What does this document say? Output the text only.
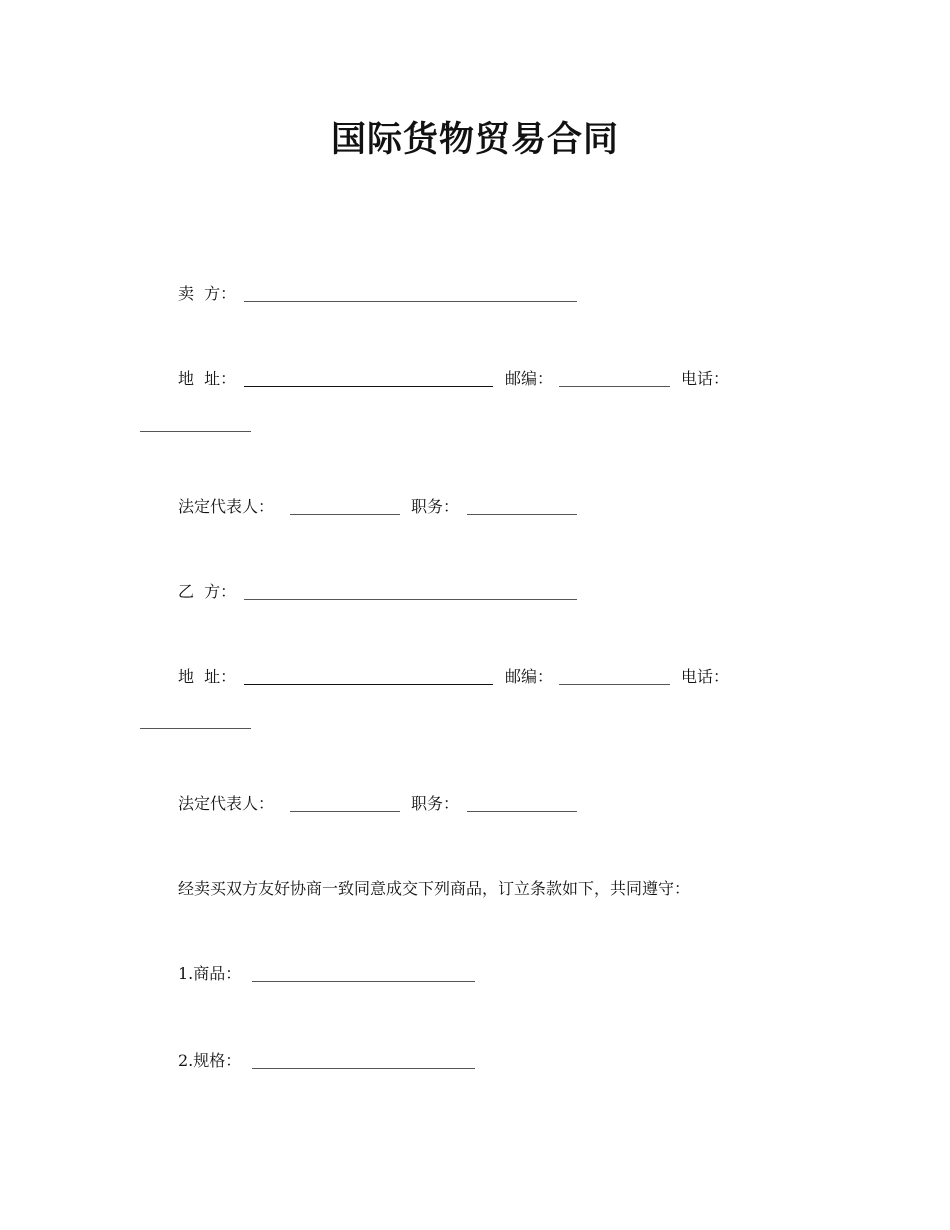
国际货物贸易合同
卖  方：
地  址：	邮编：	电话：
法定代表人：	职务：
乙  方：
地  址：	邮编：	电话：
法定代表人：	职务：
经卖买双方友好协商一致同意成交下列商品，订立条款如下，共同遵守：
1.商品：
2.规格：
